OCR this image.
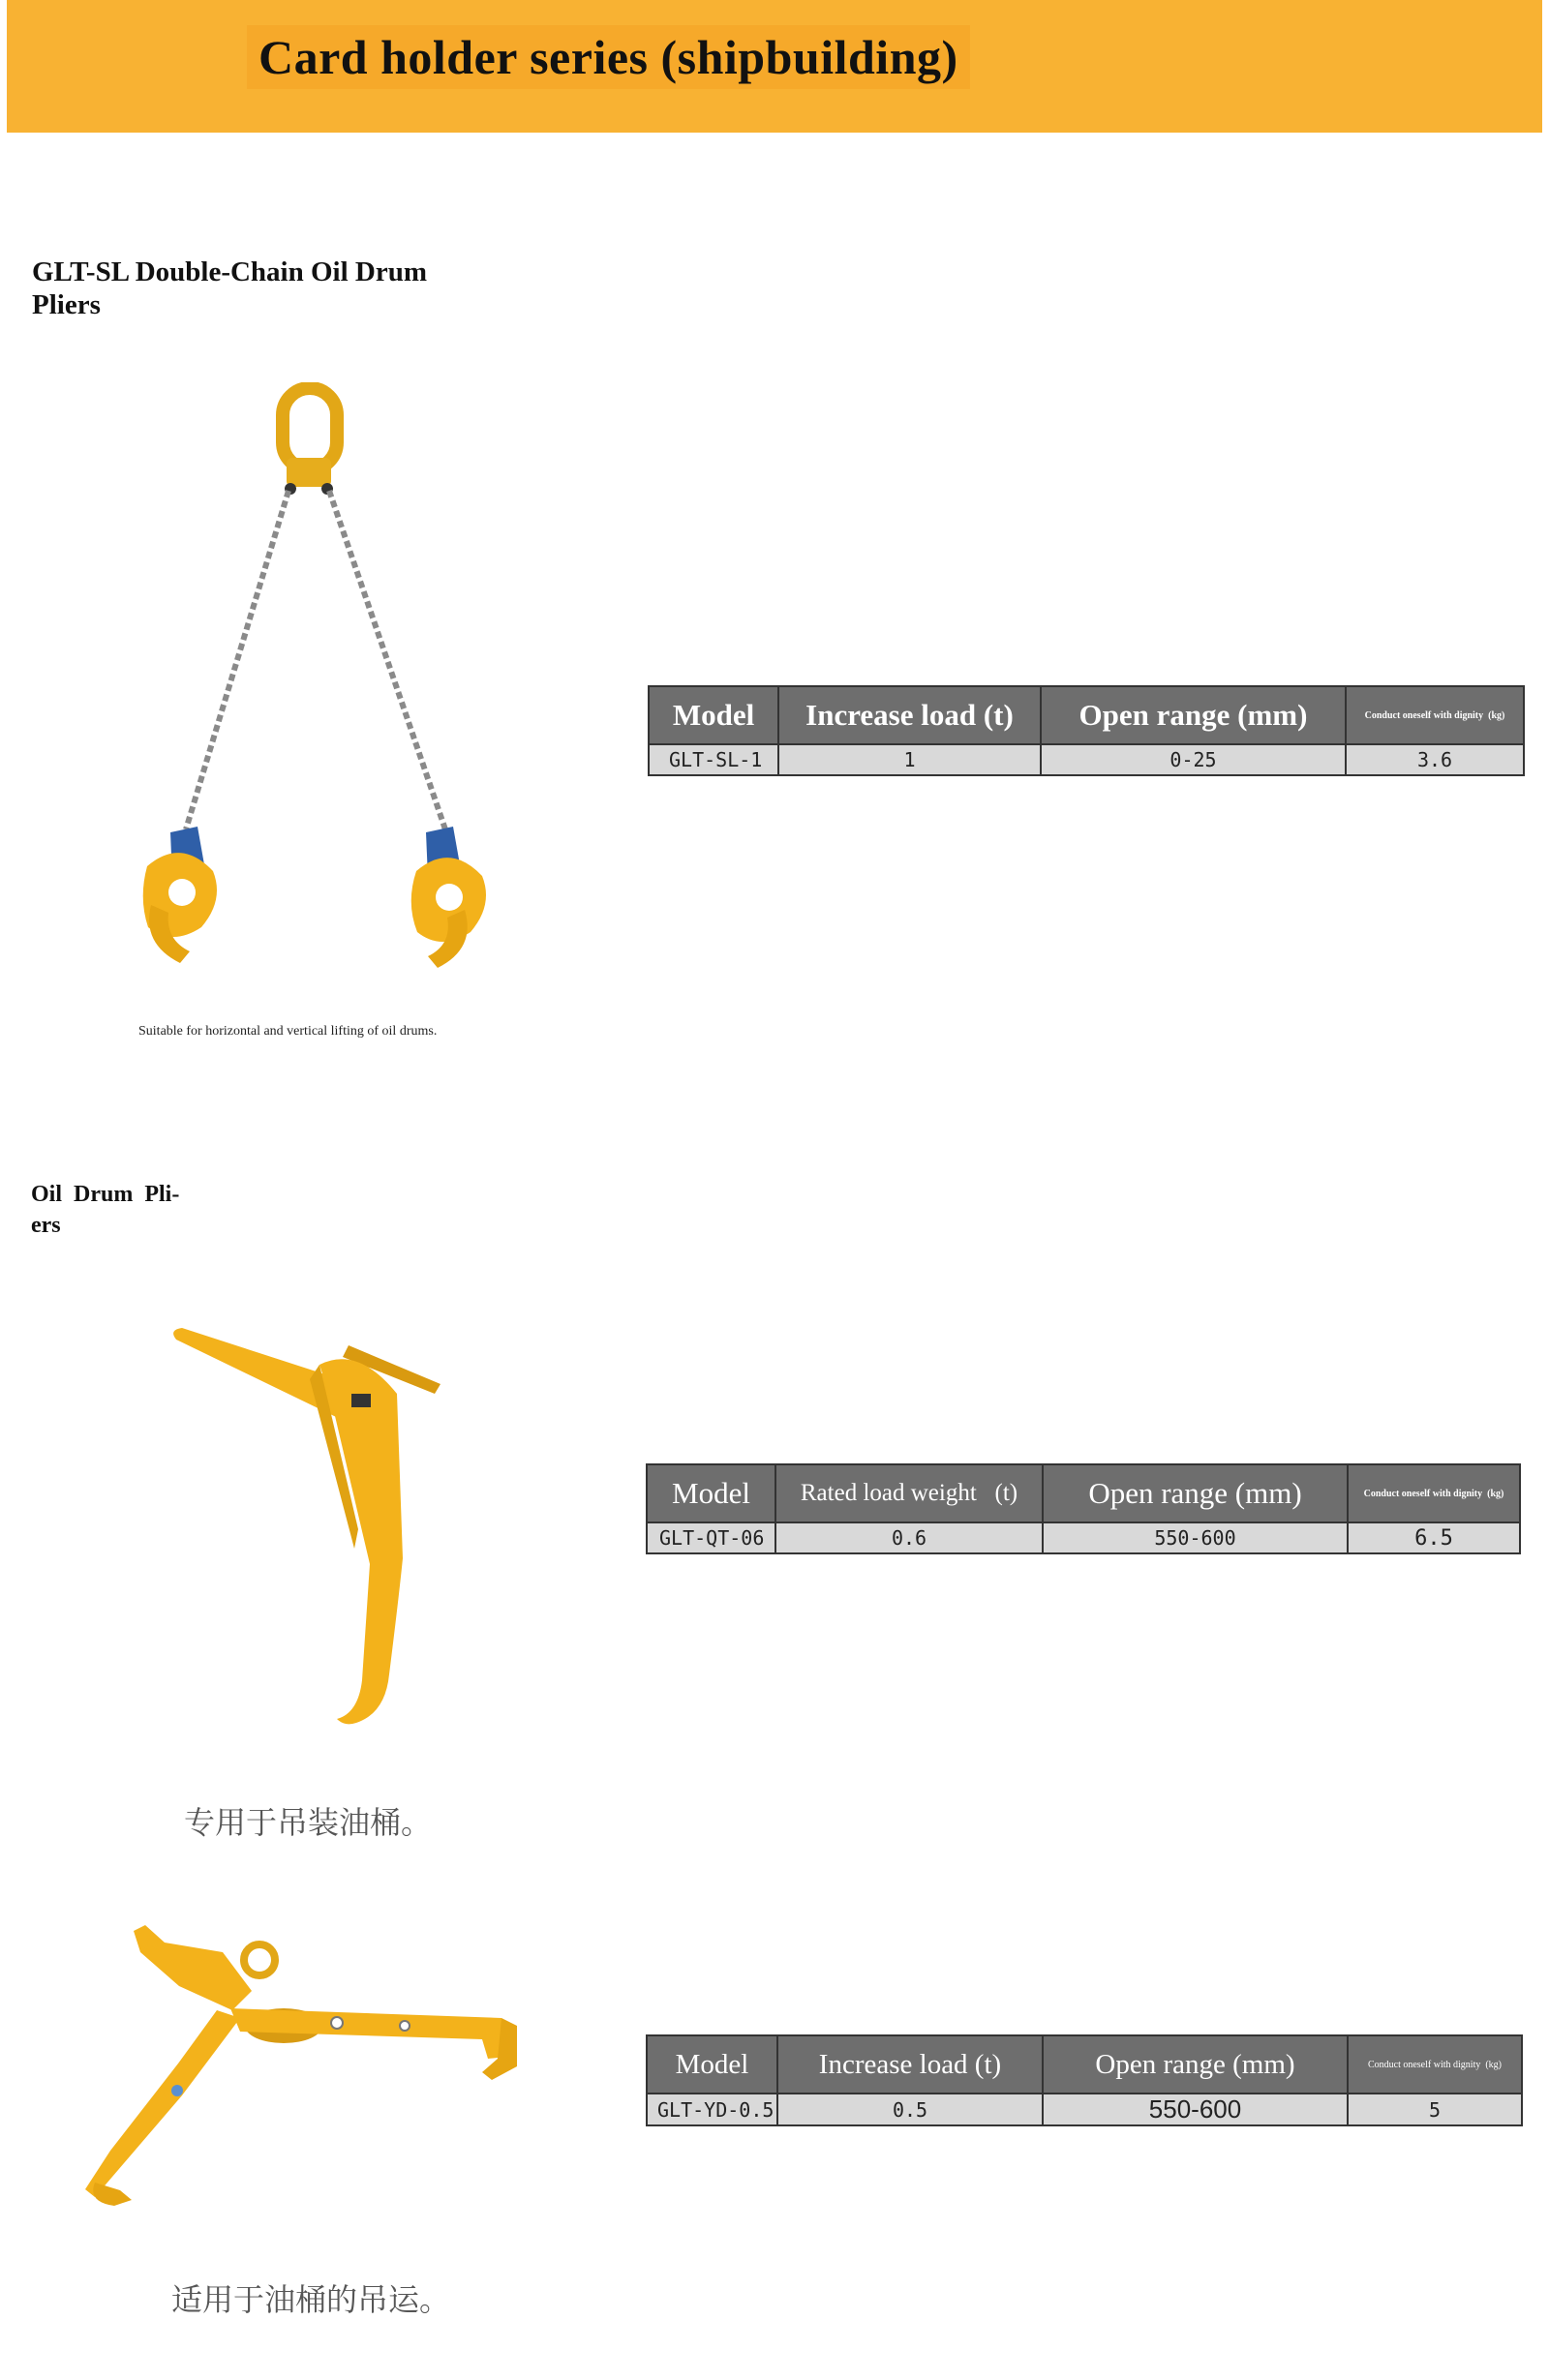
Card holder series (shipbuilding)
GLT-SL Double-Chain Oil Drum
Pliers
Suitable for horizontal and vertical lifting of oil drums.
Model	Increase load (t)	Open range (mm)	Conduct oneself with dignity  (kg)
GLT-SL-1	1	0-25	3.6
Oil  Drum  Pli-
ers
专用于吊装油桶。
Model	Rated load weight   (t)	Open range (mm)	Conduct oneself with dignity  (kg)
GLT-QT-06	0.6	550-600	6.5
适用于油桶的吊运。
Model	Increase load (t)	Open range (mm)	Conduct oneself with dignity  (kg)
GLT-YD-0.5	0.5	550-600	5
